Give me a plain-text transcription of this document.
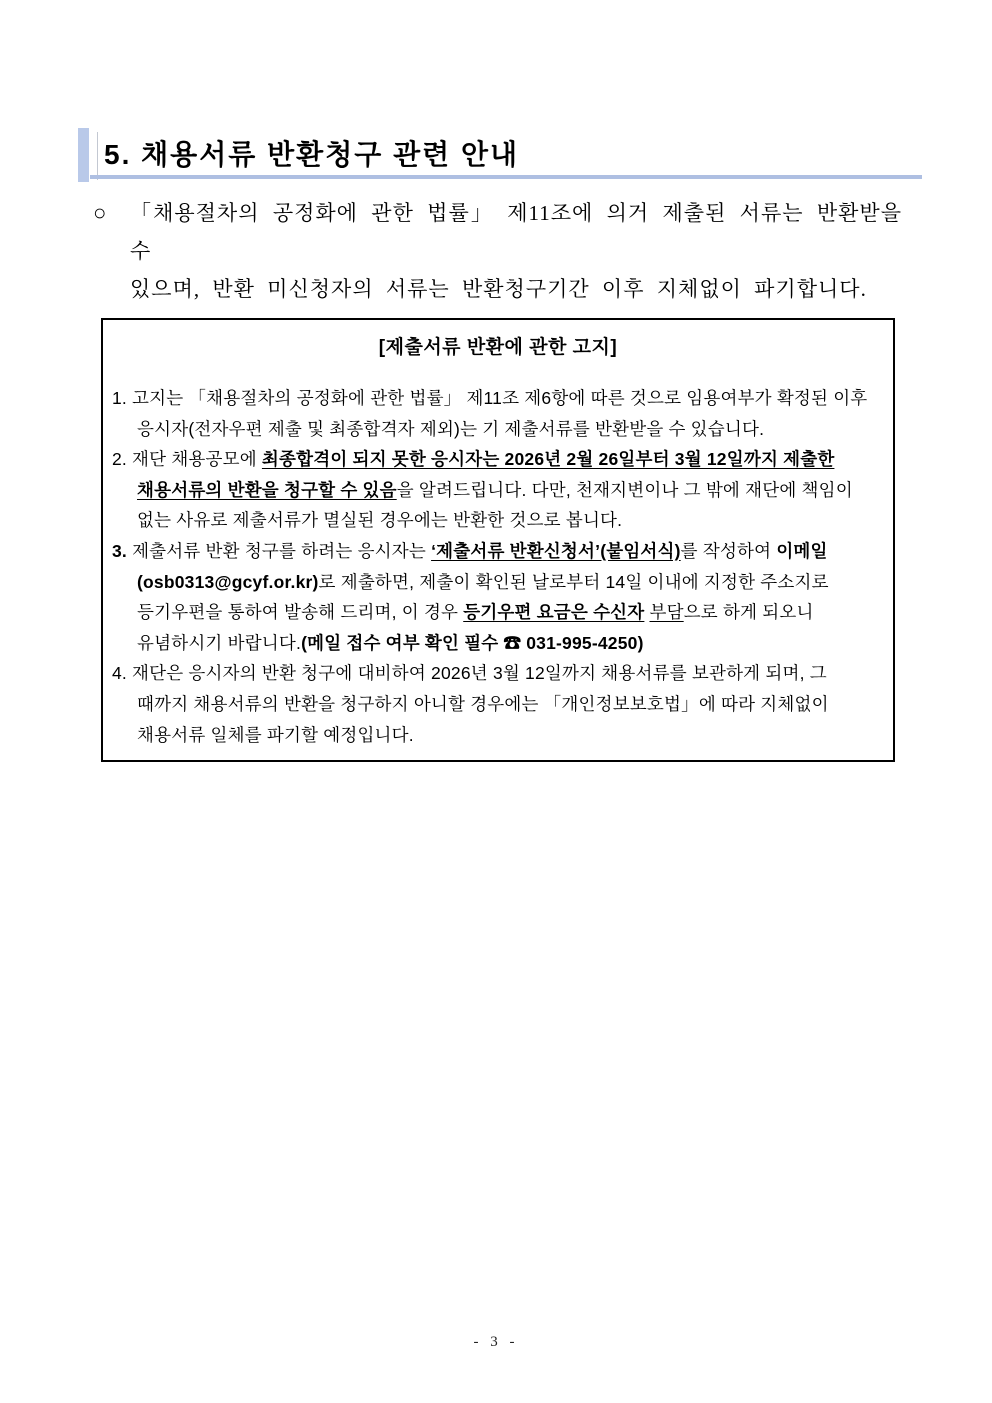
5. 채용서류 반환청구 관련 안내
○ 「채용절차의 공정화에 관한 법률」 제11조에 의거 제출된 서류는 반환받을
수
있으며, 반환 미신청자의 서류는 반환청구기간 이후 지체없이 파기합니다.
[제출서류 반환에 관한 고지]
1. 고지는 「채용절차의 공정화에 관한 법률」 제11조 제6항에 따른 것으로 임용여부가 확정된 이후 응시자(전자우편 제출 및 최종합격자 제외)는 기 제출서류를 반환받을 수 있습니다.
2. 재단 채용공모에 최종합격이 되지 못한 응시자는 2026년 2월 26일부터 3월 12일까지 제출한 채용서류의 반환을 청구할 수 있음을 알려드립니다. 다만, 천재지변이나 그 밖에 재단에 책임이 없는 사유로 제출서류가 멸실된 경우에는 반환한 것으로 봅니다.
3. 제출서류 반환 청구를 하려는 응시자는 ‘제출서류 반환신청서’(붙임서식)를 작성하여 이메일(osb0313@gcyf.or.kr)로 제출하면, 제출이 확인된 날로부터 14일 이내에 지정한 주소지로 등기우편을 통하여 발송해 드리며, 이 경우 등기우편 요금은 수신자 부담으로 하게 되오니 유념하시기 바랍니다.(메일 접수 여부 확인 필수 ☎ 031-995-4250)
4. 재단은 응시자의 반환 청구에 대비하여 2026년 3월 12일까지 채용서류를 보관하게 되며, 그 때까지 채용서류의 반환을 청구하지 아니할 경우에는 「개인정보보호법」에 따라 지체없이 채용서류 일체를 파기할 예정입니다.
- 3 -
